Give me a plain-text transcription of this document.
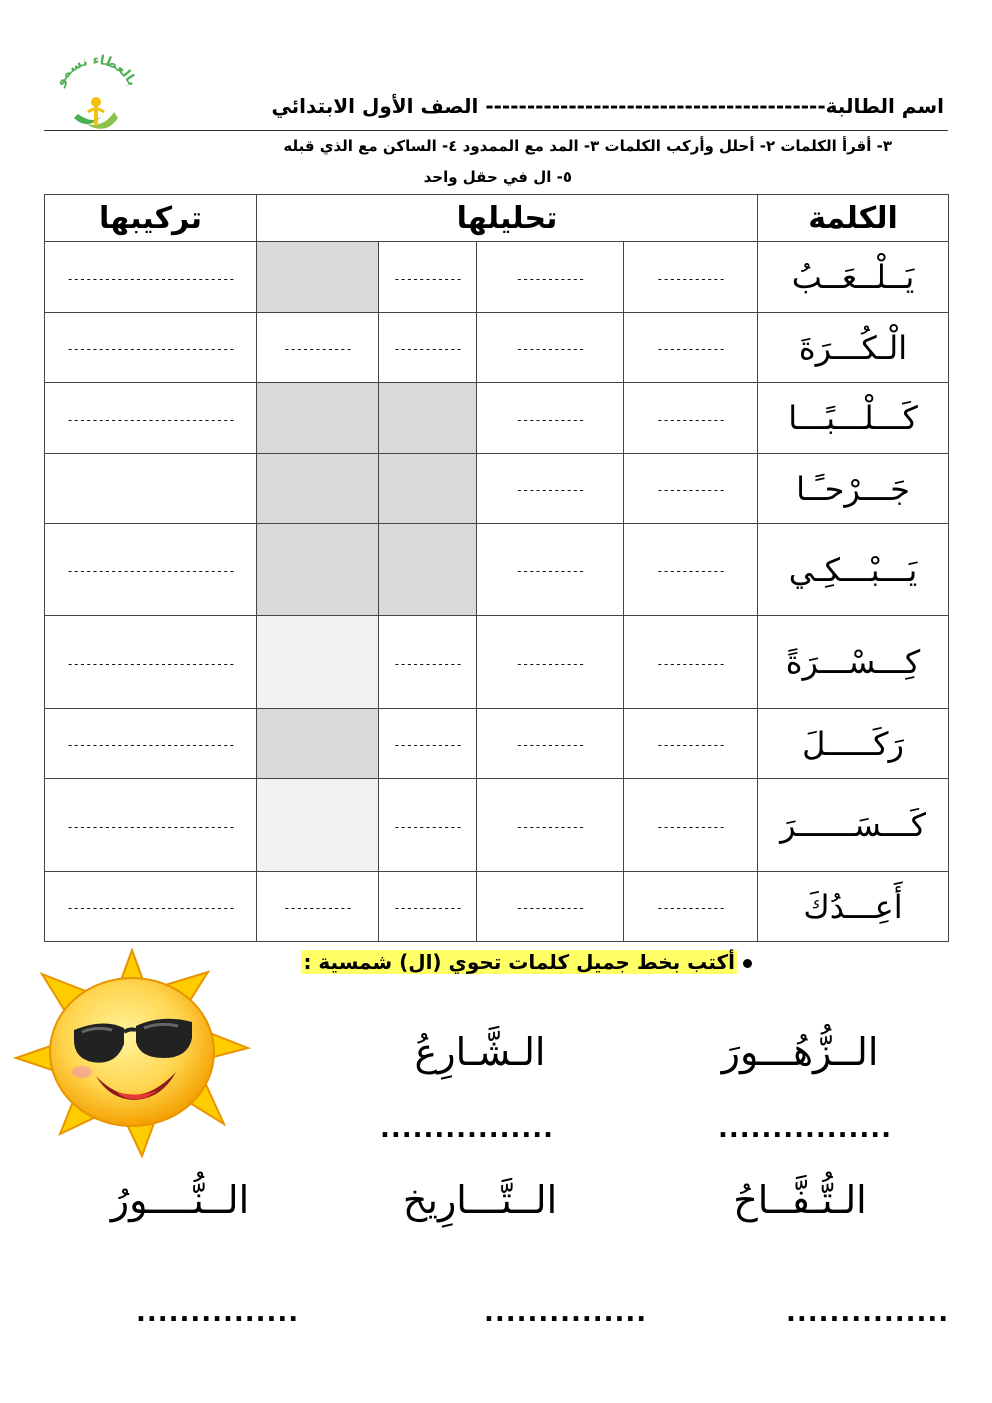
بالعطاء نسمو
اسم الطالبة----------------------------------------- الصف الأول الابتدائي
٣- أقرأ الكلمات ٢- أحلل وأركب الكلمات ٣- المد مع الممدود ٤- الساكن مع الذي قبله
٥- ال في حقل واحد
تركيبها	تحليلها				الكلمة
---------------------------		-----------	-----------	-----------	يَــلْــعَــبُ
---------------------------	-----------	-----------	-----------	-----------	الْـكُـــرَةَ
---------------------------			-----------	-----------	كَـــلْـــبًـــا
			-----------	-----------	جَـــرْحـًـا
---------------------------			-----------	-----------	يَـــبْـــكِـي
---------------------------		-----------	-----------	-----------	كِـــسْـــرَةً
---------------------------		-----------	-----------	-----------	رَكَـــــلَ
---------------------------		-----------	-----------	-----------	كَـــسَــــــرَ
---------------------------	-----------	-----------	-----------	-----------	أَعِـــدُكَ
أكتب بخط جميل كلمات تحوي (ال) شمسية :
الــزُّهُـــورَ
الـشَّـارِعُ
................
................
الـتُّـفَّــاحُ
الــتَّـــارِيخ
الــنُّــــورُ
...............
...............
...............
